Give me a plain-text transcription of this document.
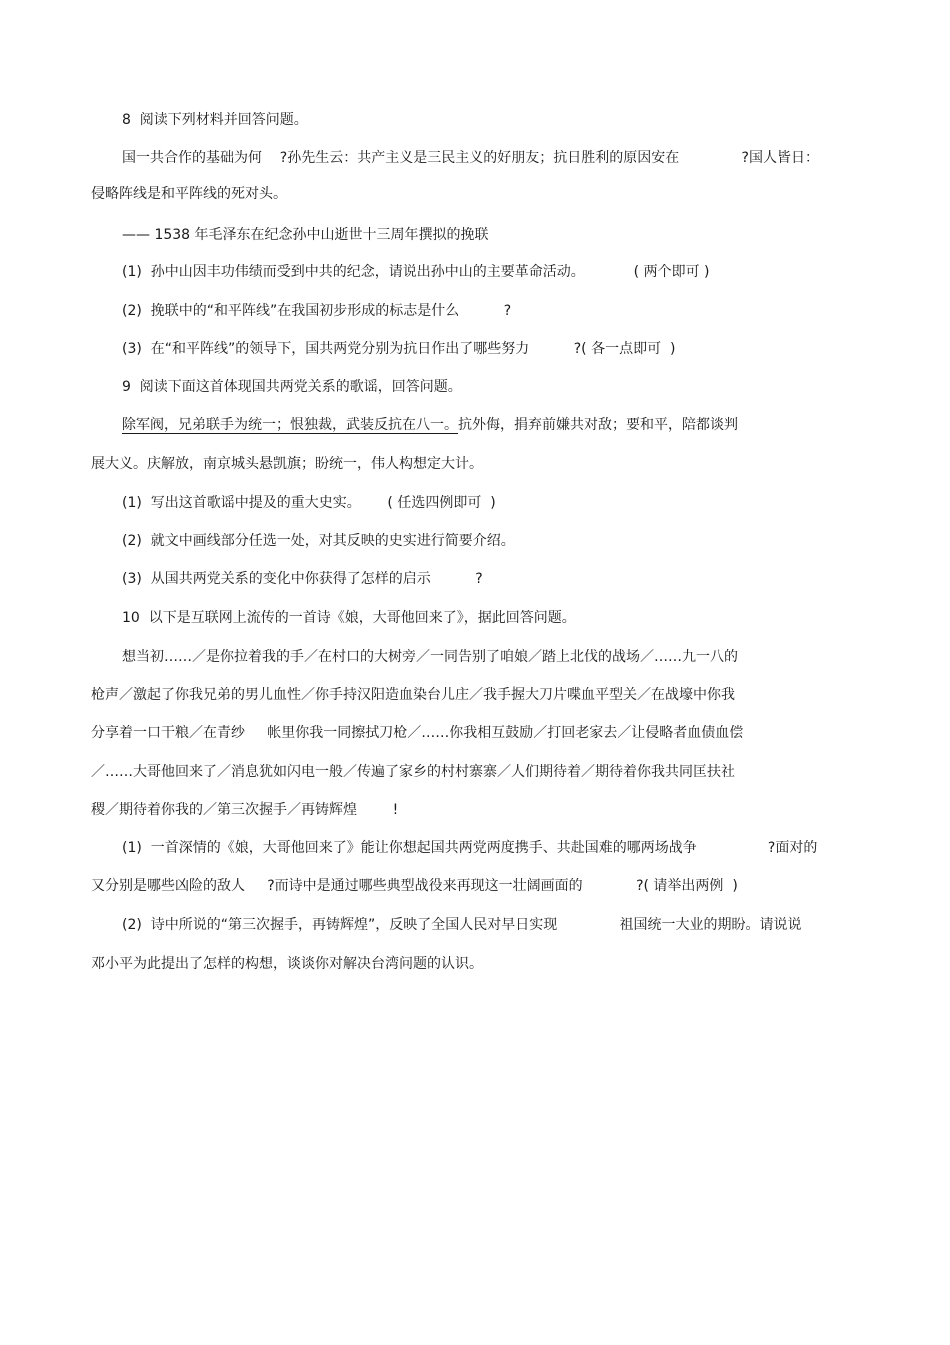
8  阅读下列材料并回答问题。
国一共合作的基础为何    ?孙先生云：共产主义是三民主义的好朋友；抗日胜利的原因安在              ?国人皆日：
侵略阵线是和平阵线的死对头。
—— 1538 年毛泽东在纪念孙中山逝世十三周年撰拟的挽联
(1)  孙中山因丰功伟绩而受到中共的纪念，请说出孙中山的主要革命活动。           ( 两个即可 )
(2)  挽联中的“和平阵线”在我国初步形成的标志是什么          ?
(3)  在“和平阵线”的领导下，国共两党分别为抗日作出了哪些努力          ?( 各一点即可  )
9  阅读下面这首体现国共两党关系的歌谣，回答问题。
除军阀，兄弟联手为统一；恨独裁，武装反抗在八一。抗外侮，捐弃前嫌共对敌；要和平，陪都谈判
展大义。庆解放，南京城头悬凯旗；盼统一，伟人构想定大计。
(1)  写出这首歌谣中提及的重大史实。      ( 任选四例即可  )
(2)  就文中画线部分任选一处，对其反映的史实进行简要介绍。
(3)  从国共两党关系的变化中你获得了怎样的启示          ?
10  以下是互联网上流传的一首诗《娘，大哥他回来了》，据此回答问题。
想当初……／是你拉着我的手／在村口的大树旁／一同告别了咱娘／踏上北伐的战场／……九一八的
枪声／激起了你我兄弟的男儿血性／你手持汉阳造血染台儿庄／我手握大刀片喋血平型关／在战壕中你我
分享着一口干粮／在青纱     帐里你我一同擦拭刀枪／……你我相互鼓励／打回老家去／让侵略者血债血偿
／……大哥他回来了／消息犹如闪电一般／传遍了家乡的村村寨寨／人们期待着／期待着你我共同匡扶社
稷／期待着你我的／第三次握手／再铸辉煌        !
(1)  一首深情的《娘，大哥他回来了》能让你想起国共两党两度携手、共赴国难的哪两场战争                ?面对的
又分别是哪些凶险的敌人     ?而诗中是通过哪些典型战役来再现这一壮阔画面的            ?( 请举出两例  )
(2)  诗中所说的“第三次握手，再铸辉煌”，反映了全国人民对早日实现              祖国统一大业的期盼。请说说
邓小平为此提出了怎样的构想，谈谈你对解决台湾问题的认识。
